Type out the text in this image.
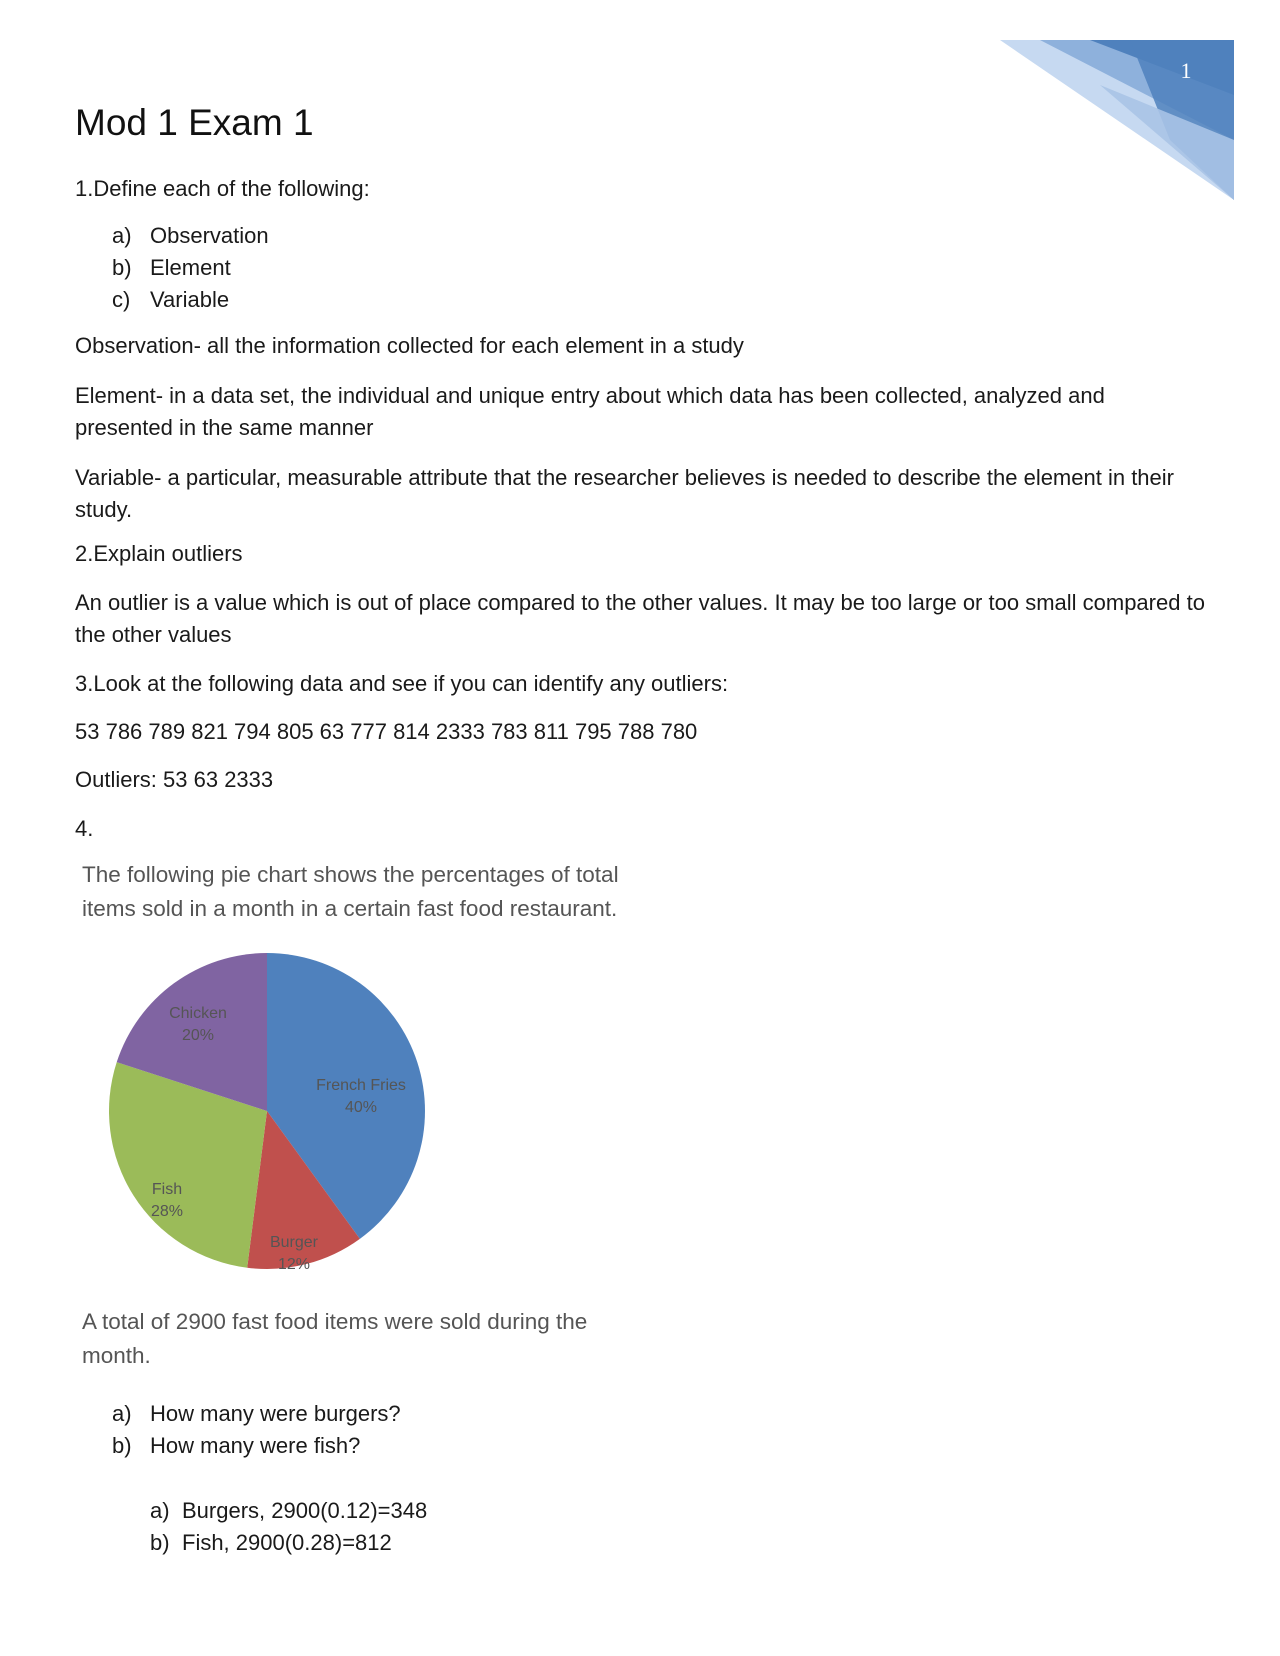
1
Mod 1 Exam 1
1.Define each of the following:
a) Observation
b) Element
c) Variable
Observation- all the information collected for each element in a study
Element- in a data set, the individual and unique entry about which data has been collected, analyzed and presented in the same manner
Variable- a particular, measurable attribute that the researcher believes is needed to describe the element in their study.
2.Explain outliers
An outlier is a value which is out of place compared to the other values. It may be too large or too small compared to the other values
3.Look at the following data and see if you can identify any outliers:
53 786 789 821 794 805 63 777 814 2333 783 811 795 788 780
Outliers: 53 63 2333
4.
The following pie chart shows the percentages of total items sold in a month in a certain fast food restaurant.
French Fries
40%
Burger
12%
Fish
28%
Chicken
20%
A total of 2900 fast food items were sold during the month.
a) How many were burgers?
b) How many were fish?
a) Burgers, 2900(0.12)=348
b) Fish, 2900(0.28)=812
